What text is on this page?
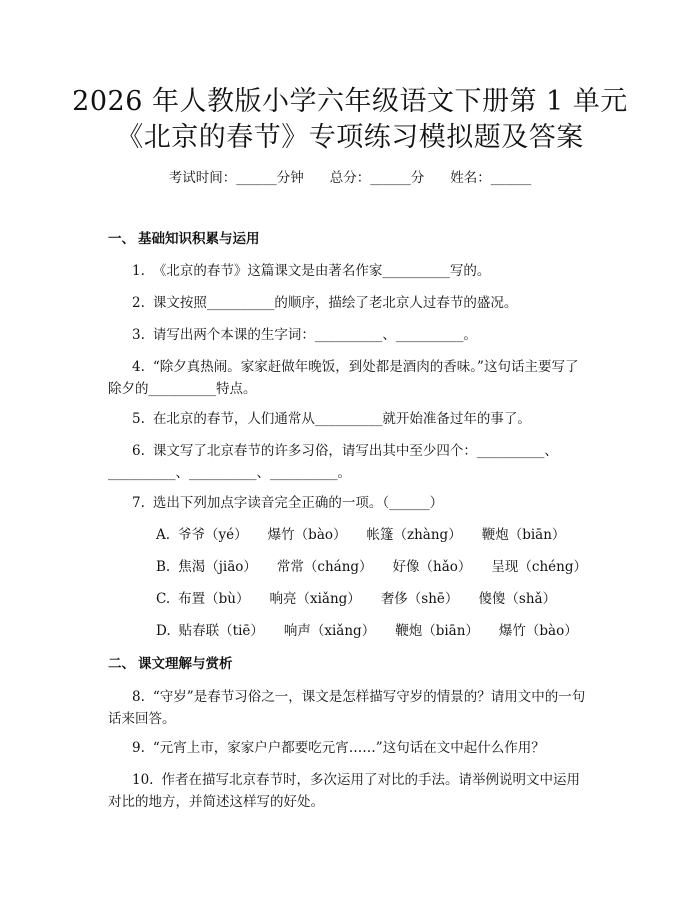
2026 年人教版小学六年级语文下册第 1 单元
《北京的春节》专项练习模拟题及答案
考试时间：______分钟 总分：______分 姓名：______
一、 基础知识积累与运用
1. 《北京的春节》这篇课文是由著名作家__________写的。
2. 课文按照__________的顺序，描绘了老北京人过春节的盛况。
3. 请写出两个本课的生字词：__________、__________。
4. “除夕真热闹。家家赶做年晚饭，到处都是酒肉的香味。”这句话主要写了除夕的__________特点。
5. 在北京的春节，人们通常从__________就开始准备过年的事了。
6. 课文写了北京春节的许多习俗，请写出其中至少四个：__________、__________、__________、__________。
7. 选出下列加点字读音完全正确的一项。（______）
A. 爷爷（yé） 爆竹（bào） 帐篷（zhàng） 鞭炮（biān）
B. 焦渴（jiāo） 常常（cháng） 好像（hǎo） 呈现（chéng）
C. 布置（bù） 响亮（xiǎng） 奢侈（shē） 傻傻（shǎ）
D. 贴春联（tiē） 响声（xiǎng） 鞭炮（biān） 爆竹（bào）
二、 课文理解与赏析
8. “守岁”是春节习俗之一，课文是怎样描写守岁的情景的？请用文中的一句话来回答。
9. “元宵上市，家家户户都要吃元宵……”这句话在文中起什么作用？
10. 作者在描写北京春节时，多次运用了对比的手法。请举例说明文中运用对比的地方，并简述这样写的好处。
